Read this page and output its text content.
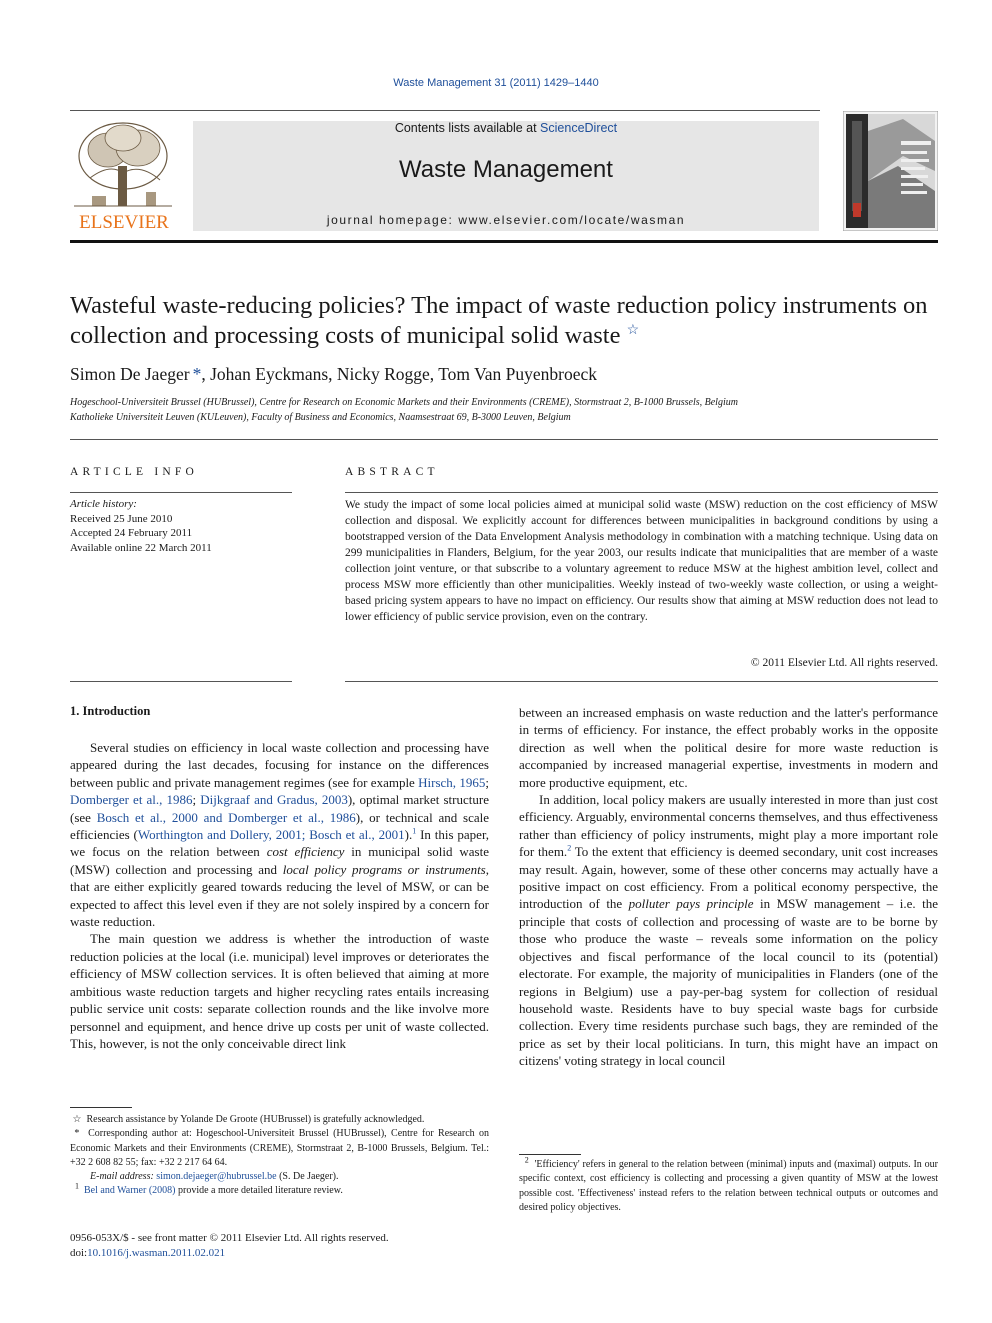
Waste Management 31 (2011) 1429–1440
ELSEVIER
Contents lists available at ScienceDirect
Waste Management
journal homepage: www.elsevier.com/locate/wasman
Wasteful waste-reducing policies? The impact of waste reduction policy instruments on collection and processing costs of municipal solid waste ☆
Simon De Jaeger *, Johan Eyckmans, Nicky Rogge, Tom Van Puyenbroeck
Hogeschool-Universiteit Brussel (HUBrussel), Centre for Research on Economic Markets and their Environments (CREME), Stormstraat 2, B-1000 Brussels, Belgium
Katholieke Universiteit Leuven (KULeuven), Faculty of Business and Economics, Naamsestraat 69, B-3000 Leuven, Belgium
ARTICLE INFO	ABSTRACT
Article history:
Received 25 June 2010
Accepted 24 February 2011
Available online 22 March 2011
We study the impact of some local policies aimed at municipal solid waste (MSW) reduction on the cost efficiency of MSW collection and disposal. We explicitly account for differences between municipalities in background conditions by using a bootstrapped version of the Data Envelopment Analysis methodology in combination with a matching technique. Using data on 299 municipalities in Flanders, Belgium, for the year 2003, our results indicate that municipalities that are member of a waste collection joint venture, or that subscribe to a voluntary agreement to reduce MSW at the highest ambition level, collect and process MSW more efficiently than other municipalities. Weekly instead of two-weekly waste collection, or using a weight-based pricing system appears to have no impact on efficiency. Our results show that aiming at MSW reduction does not lead to lower efficiency of public service provision, even on the contrary.
© 2011 Elsevier Ltd. All rights reserved.
1. Introduction

Several studies on efficiency in local waste collection and processing have appeared during the last decades, focusing for instance on the differences between public and private management regimes (see for example Hirsch, 1965; Domberger et al., 1986; Dijkgraaf and Gradus, 2003), optimal market structure (see Bosch et al., 2000 and Domberger et al., 1986), or technical and scale efficiencies (Worthington and Dollery, 2001; Bosch et al., 2001).$^1$ In this paper, we focus on the relation between cost efficiency in municipal solid waste (MSW) collection and processing and local policy programs or instruments, that are either explicitly geared towards reducing the level of MSW, or can be expected to affect this level even if they are not solely inspired by a concern for waste reduction.

The main question we address is whether the introduction of waste reduction policies at the local (i.e. municipal) level improves or deteriorates the efficiency of MSW collection services. It is often believed that aiming at more ambitious waste reduction targets and higher recycling rates entails increasing public service unit costs: separate collection rounds and the like involve more personnel and equipment, and hence drive up costs per unit of waste collected. This, however, is not the only conceivable direct link

between an increased emphasis on waste reduction and the latter's performance in terms of efficiency. For instance, the effect probably works in the opposite direction as well when the political desire for more waste reduction is accompanied by increased managerial expertise, investments in modern and more productive equipment, etc.

In addition, local policy makers are usually interested in more than just cost efficiency. Arguably, environmental concerns themselves, and thus effectiveness rather than efficiency of policy instruments, might play a more important role for them.$^2$ To the extent that efficiency is deemed secondary, unit cost increases may result. Again, however, some of these other concerns may actually have a positive impact on cost efficiency. From a political economy perspective, the introduction of the polluter pays principle in MSW management – i.e. the principle that costs of collection and processing of waste are to be borne by those who produce the waste – reveals some information on the policy objectives and fiscal performance of the local council to its (potential) electorate. For example, the majority of municipalities in Flanders (one of the regions in Belgium) use a pay-per-bag system for collection of residual household waste. Residents have to buy special waste bags for curbside collection. Every time residents purchase such bags, they are reminded of the price as set by their local politicians. In turn, this might have an impact on citizens' voting strategy in local council

☆ Research assistance by Yolande De Groote (HUBrussel) is gratefully acknowledged.

* Corresponding author at: Hogeschool-Universiteit Brussel (HUBrussel), Centre for Research on Economic Markets and their Environments (CREME), Stormstraat 2, B-1000 Brussels, Belgium. Tel.: +32 2 608 82 55; fax: +32 2 217 64 64.

E-mail address: simon.dejaeger@hubrussel.be (S. De Jaeger).

$^1$ Bel and Warner (2008) provide a more detailed literature review.

$^2$ 'Efficiency' refers in general to the relation between (minimal) inputs and (maximal) outputs. In our specific context, cost efficiency is collecting and processing a given quantity of MSW at the lowest possible cost. 'Effectiveness' instead refers to the relation between technical outputs or outcomes and desired policy objectives.

0956-053X/$ - see front matter © 2011 Elsevier Ltd. All rights reserved.
doi:10.1016/j.wasman.2011.02.021
